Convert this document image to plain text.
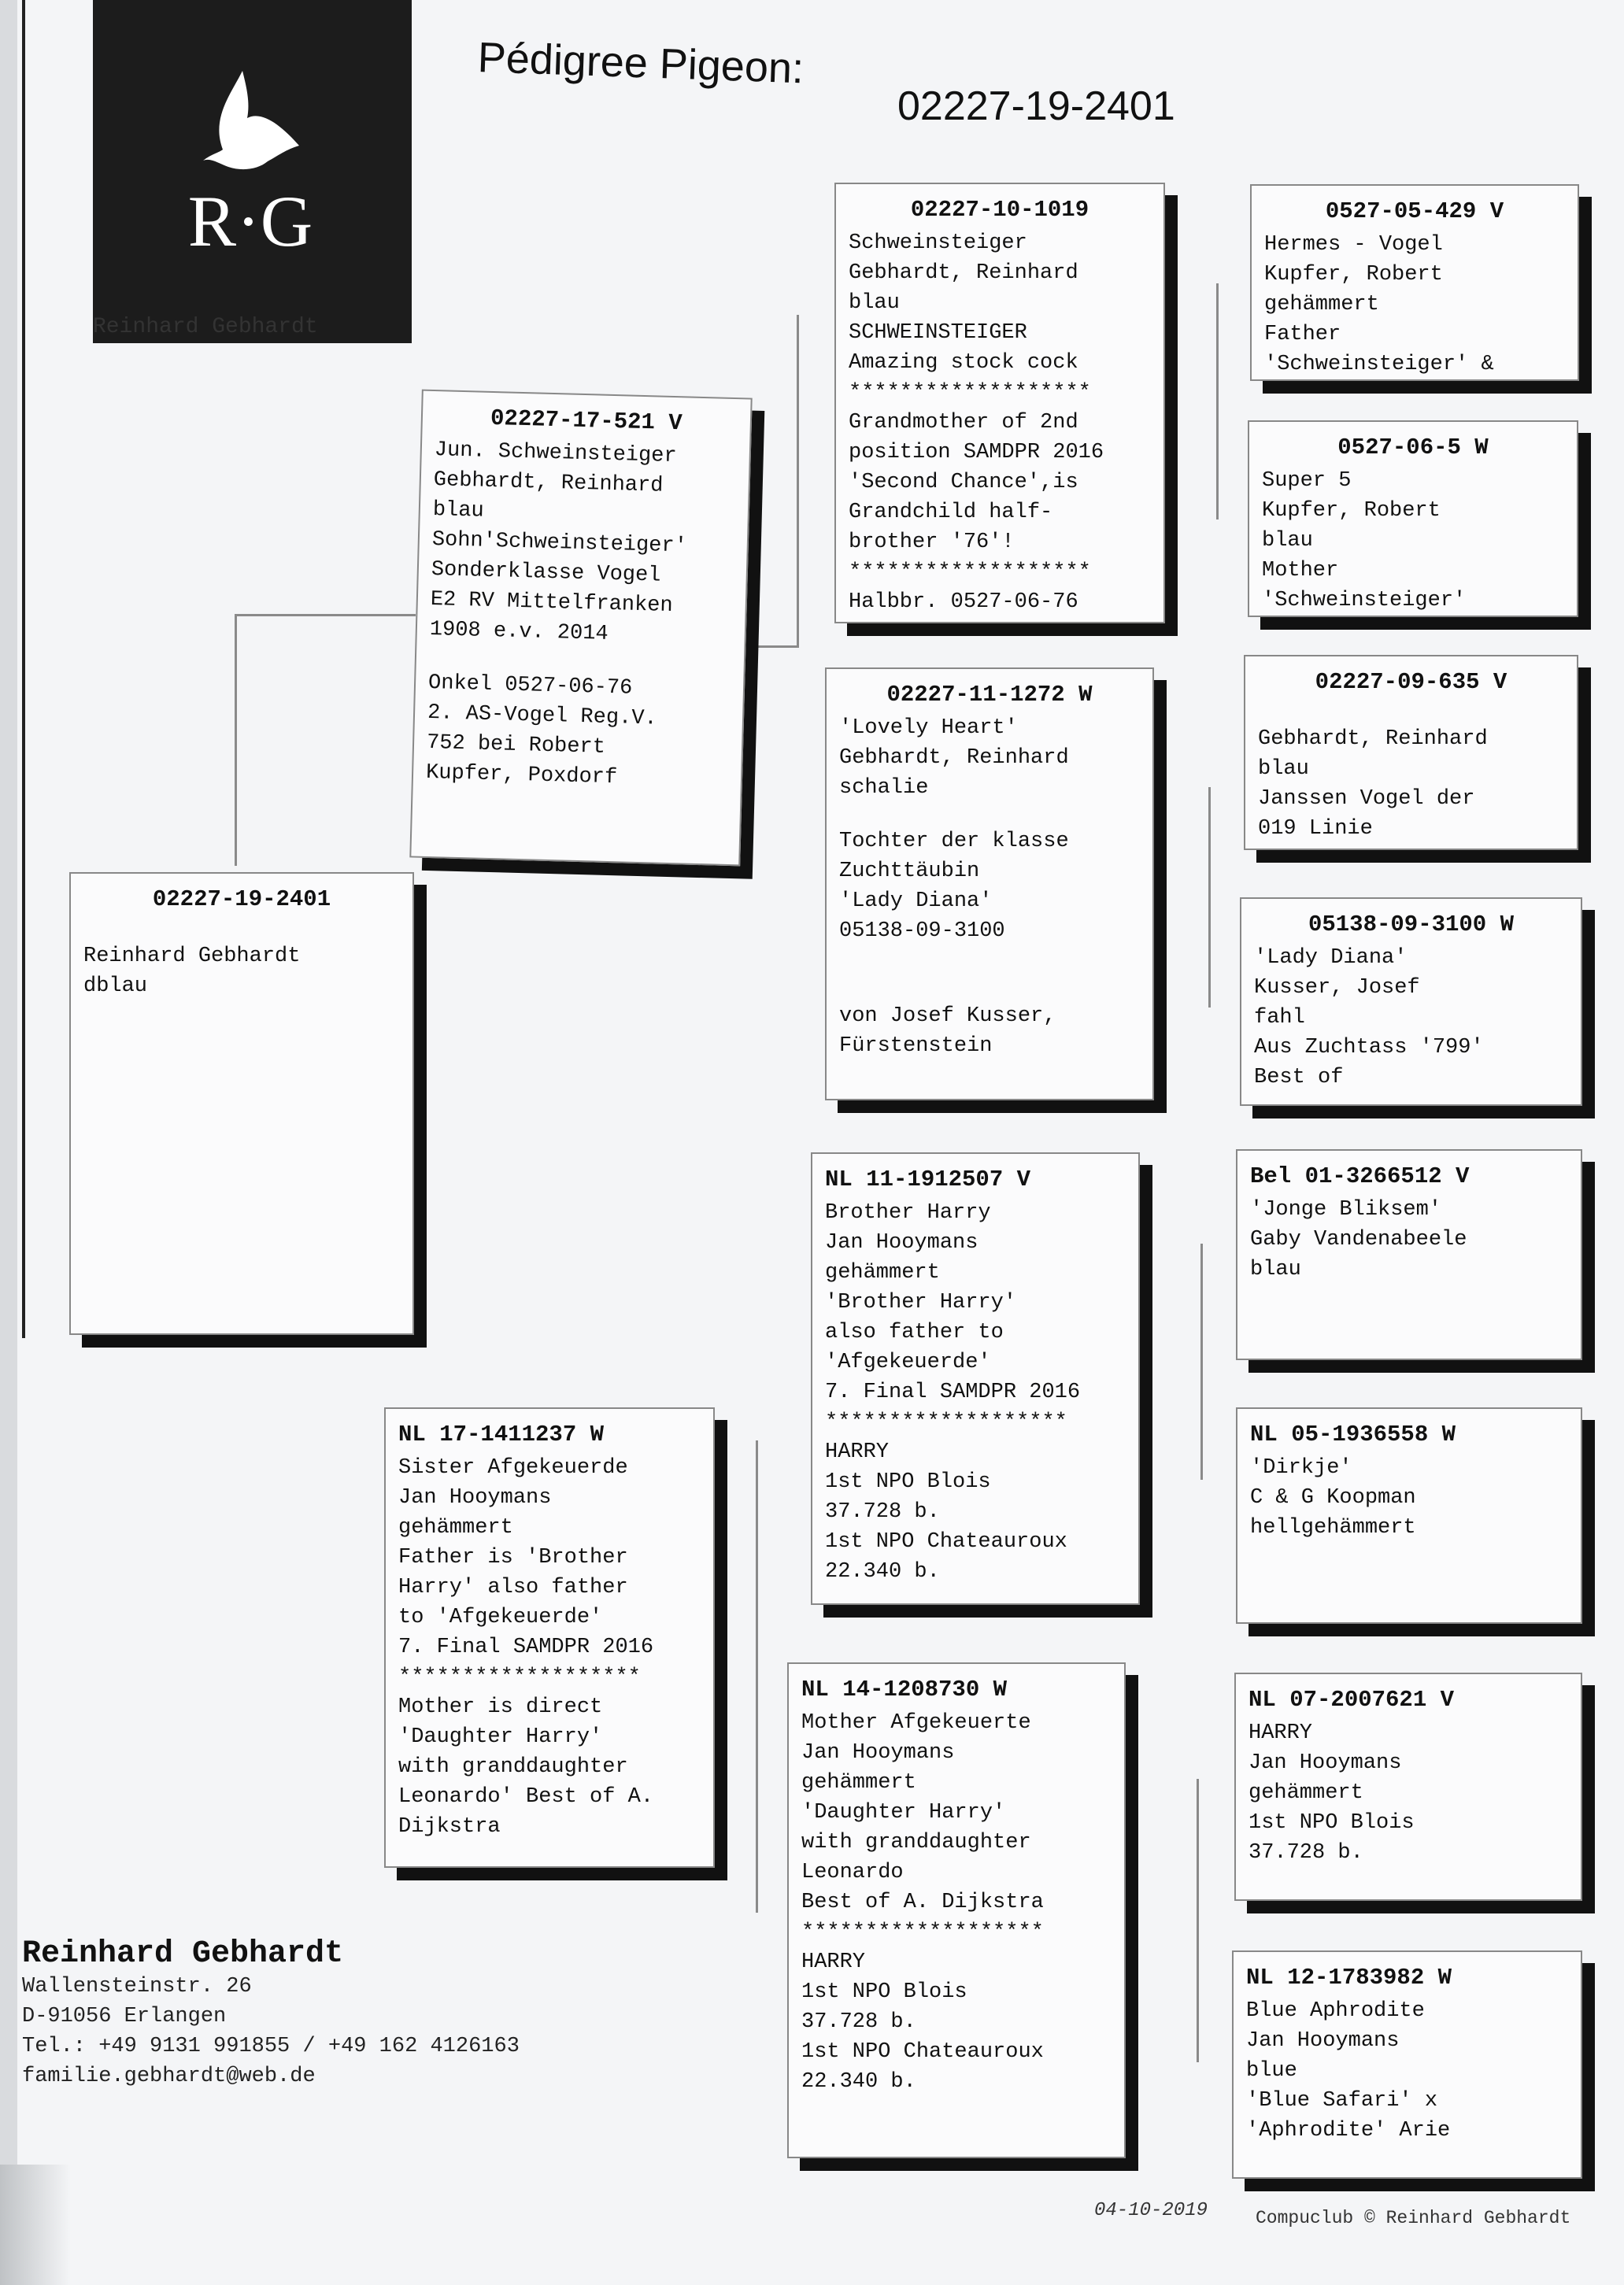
R·G
Reinhard Gebhardt
Pédigree Pigeon:
02227-19-2401
02227-19-2401
Reinhard Gebhardt
dblau
02227-17-521 V
Jun. Schweinsteiger
Gebhardt, Reinhard
blau
Sohn'Schweinsteiger'
Sonderklasse Vogel
E2 RV Mittelfranken
1908 e.v. 2014
Onkel 0527-06-76
2. AS-Vogel Reg.V.
752 bei Robert
Kupfer, Poxdorf
NL 17-1411237 W
Sister Afgekeuerde
Jan Hooymans
gehämmert
Father is 'Brother
Harry' also father
to 'Afgekeuerde'
7. Final SAMDPR 2016
*******************
Mother is direct
'Daughter Harry'
with granddaughter
Leonardo' Best of A.
Dijkstra
02227-10-1019
Schweinsteiger
Gebhardt, Reinhard
blau
SCHWEINSTEIGER
Amazing stock cock
*******************
Grandmother of 2nd
position SAMDPR 2016
'Second Chance',is
Grandchild half-
brother '76'!
*******************
Halbbr. 0527-06-76
02227-11-1272 W
'Lovely Heart'
Gebhardt, Reinhard
schalie
Tochter der klasse
Zuchttäubin
'Lady Diana'
05138-09-3100
von Josef Kusser,
Fürstenstein
NL 11-1912507 V
Brother Harry
Jan Hooymans
gehämmert
'Brother Harry'
also father to
'Afgekeuerde'
7. Final SAMDPR 2016
*******************
HARRY
1st NPO Blois
37.728 b.
1st NPO Chateauroux
22.340 b.
NL 14-1208730 W
Mother Afgekeuerte
Jan Hooymans
gehämmert
'Daughter Harry'
with granddaughter
Leonardo
Best of A. Dijkstra
*******************
HARRY
1st NPO Blois
37.728 b.
1st NPO Chateauroux
22.340 b.
0527-05-429 V
Hermes - Vogel
Kupfer, Robert
gehämmert
Father
'Schweinsteiger' &
0527-06-5 W
Super 5
Kupfer, Robert
blau
Mother
'Schweinsteiger'
02227-09-635 V
Gebhardt, Reinhard
blau
Janssen Vogel der
019 Linie
05138-09-3100 W
'Lady Diana'
Kusser, Josef
fahl
Aus Zuchtass '799'
Best of
Bel 01-3266512 V
'Jonge Bliksem'
Gaby Vandenabeele
blau
NL 05-1936558 W
'Dirkje'
C & G Koopman
hellgehämmert
NL 07-2007621 V
HARRY
Jan Hooymans
gehämmert
1st NPO Blois
37.728 b.
NL 12-1783982 W
Blue Aphrodite
Jan Hooymans
blue
'Blue Safari' x
'Aphrodite' Arie
Reinhard Gebhardt
Wallensteinstr. 26
D-91056 Erlangen
Tel.: +49 9131 991855 / +49 162 4126163
familie.gebhardt@web.de
04-10-2019	Compuclub © Reinhard Gebhardt
